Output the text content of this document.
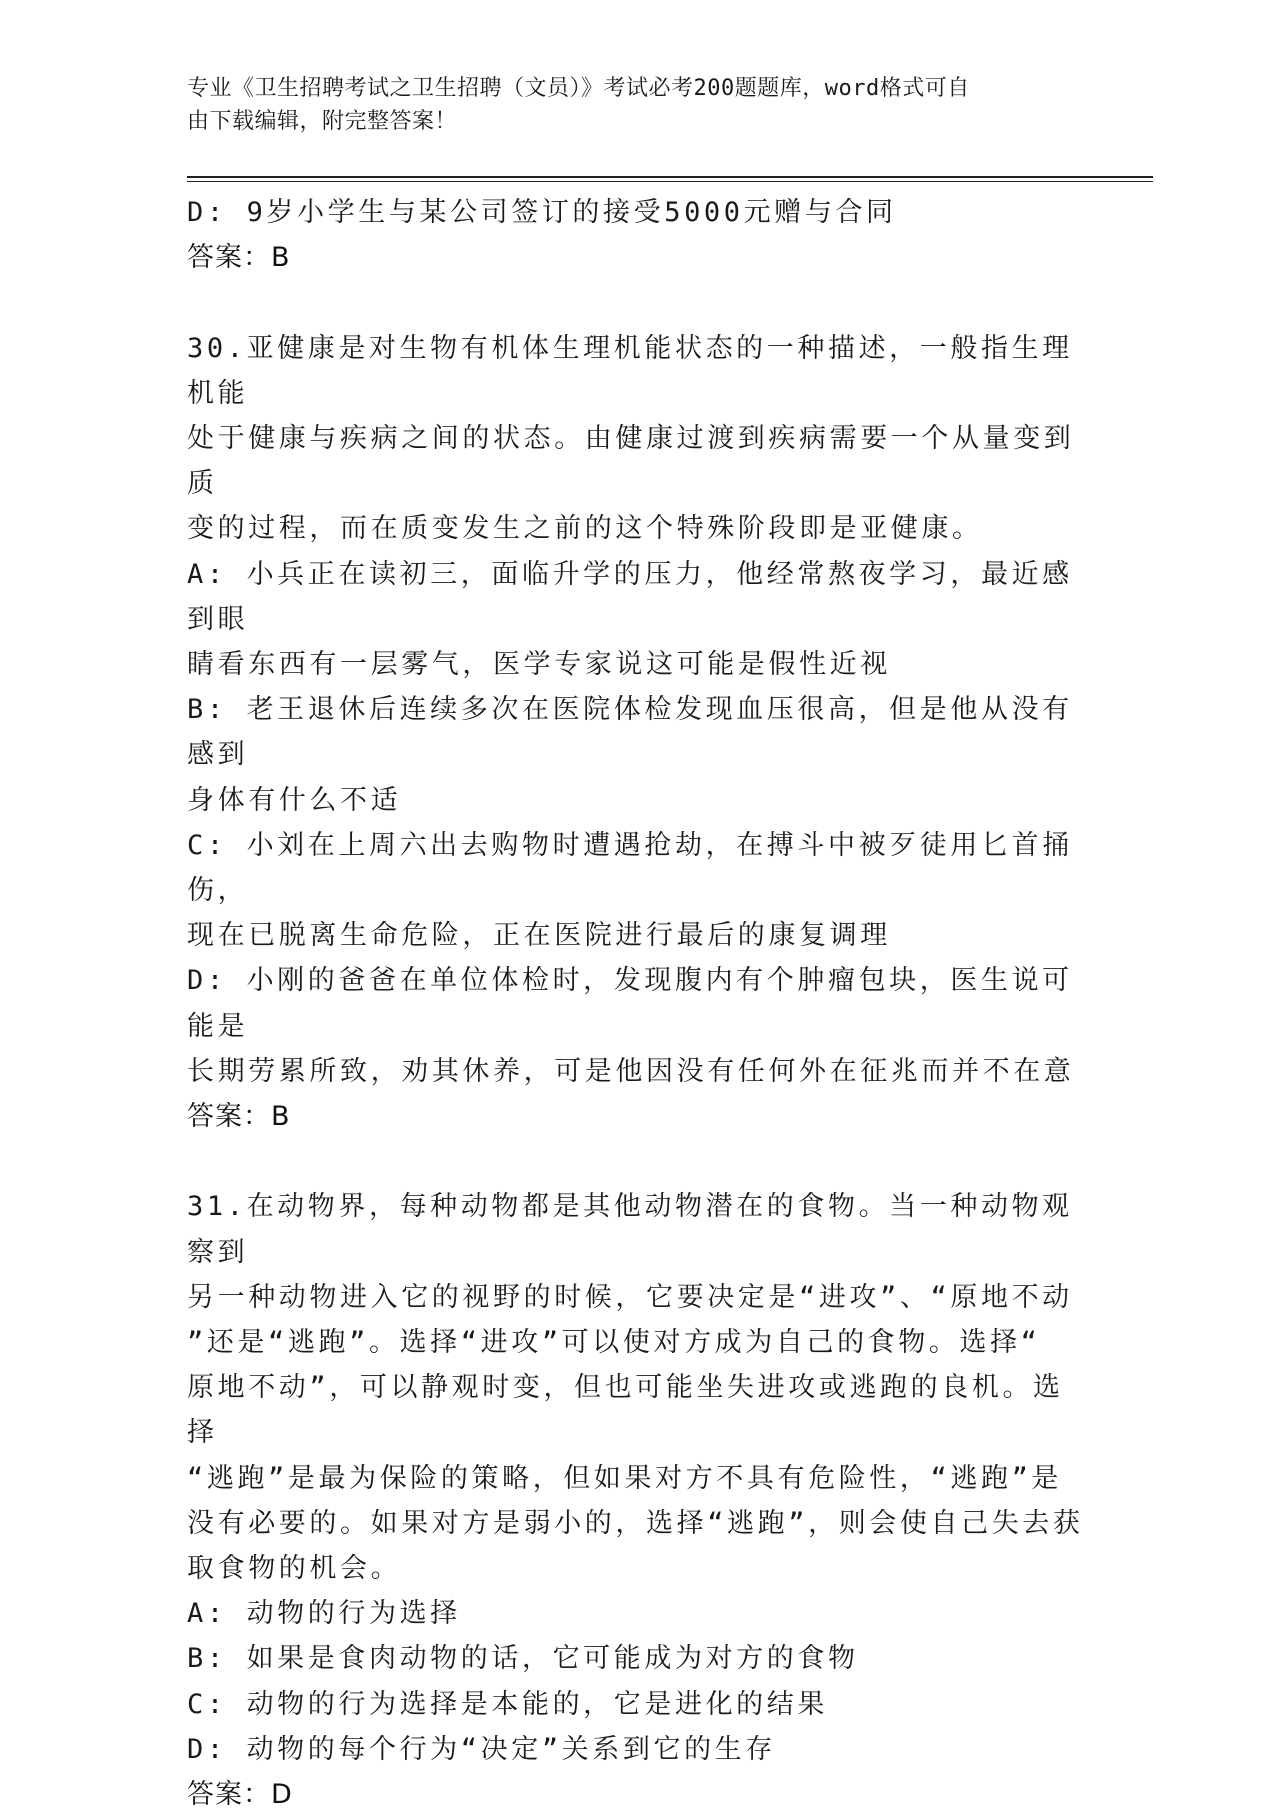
专业《卫生招聘考试之卫生招聘（文员）》考试必考200题题库，word格式可自
由下载编辑，附完整答案！

D: 9岁小学生与某公司签订的接受5000元赠与合同

答案：B

30.亚健康是对生物有机体生理机能状态的一种描述，一般指生理机能

处于健康与疾病之间的状态。由健康过渡到疾病需要一个从量变到质

变的过程，而在质变发生之前的这个特殊阶段即是亚健康。

A: 小兵正在读初三，面临升学的压力，他经常熬夜学习，最近感到眼

睛看东西有一层雾气，医学专家说这可能是假性近视

B: 老王退休后连续多次在医院体检发现血压很高，但是他从没有感到

身体有什么不适

C: 小刘在上周六出去购物时遭遇抢劫，在搏斗中被歹徒用匕首捅伤，

现在已脱离生命危险，正在医院进行最后的康复调理

D: 小刚的爸爸在单位体检时，发现腹内有个肿瘤包块，医生说可能是

长期劳累所致，劝其休养，可是他因没有任何外在征兆而并不在意

答案：B

31.在动物界，每种动物都是其他动物潜在的食物。当一种动物观察到

另一种动物进入它的视野的时候，它要决定是“进攻”、“原地不动

”还是“逃跑”。选择“进攻”可以使对方成为自己的食物。选择“

原地不动”，可以静观时变，但也可能坐失进攻或逃跑的良机。选择

“逃跑”是最为保险的策略，但如果对方不具有危险性，“逃跑”是

没有必要的。如果对方是弱小的，选择“逃跑”，则会使自己失去获

取食物的机会。

A: 动物的行为选择

B: 如果是食肉动物的话，它可能成为对方的食物

C: 动物的行为选择是本能的，它是进化的结果

D: 动物的每个行为“决定”关系到它的生存

答案：D
